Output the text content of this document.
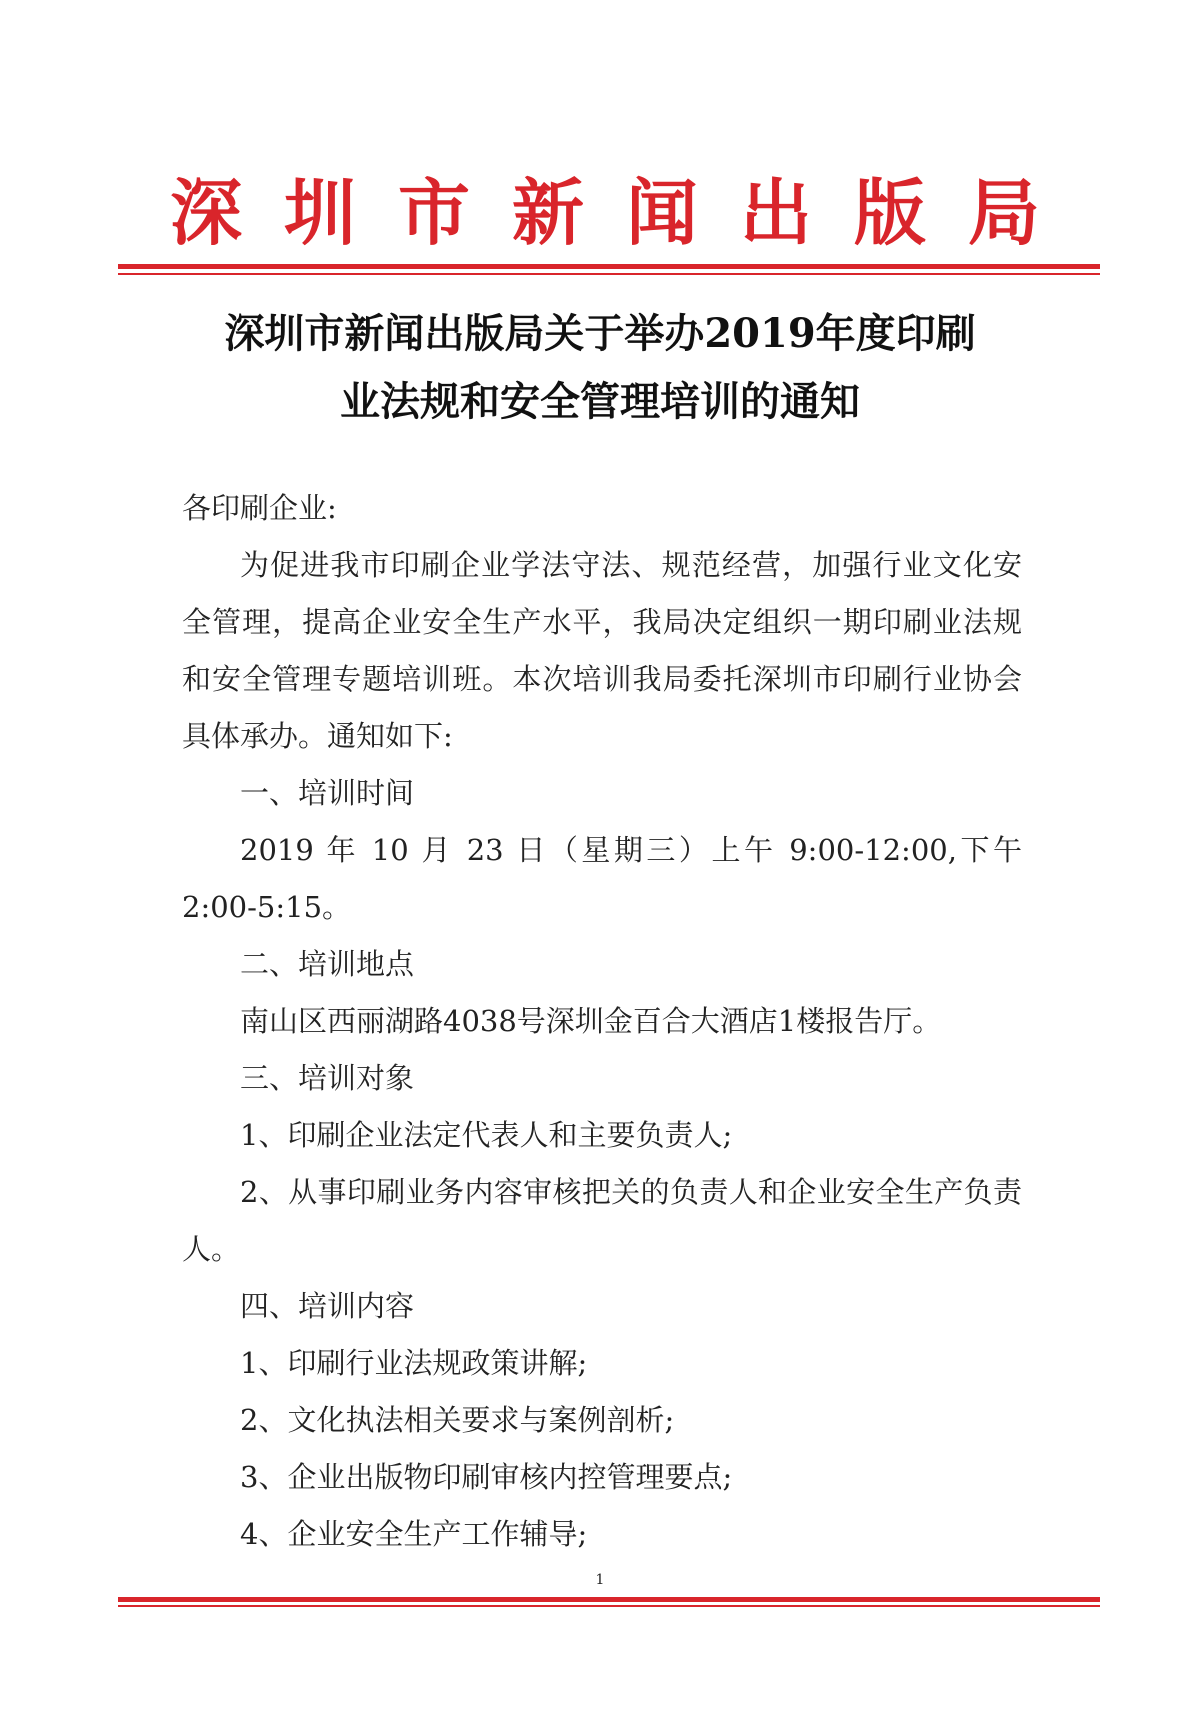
深 圳 市 新 闻 出 版 局
深圳市新闻出版局关于举办2019年度印刷
业法规和安全管理培训的通知

各印刷企业:

为促进我市印刷企业学法守法、规范经营，加强行业文化安全管理，提高企业安全生产水平，我局决定组织一期印刷业法规和安全管理专题培训班。本次培训我局委托深圳市印刷行业协会具体承办。通知如下:

一、培训时间

2019 年 10 月 23 日（星期三）上午 9:00-12:00,下午2:00-5:15。

二、培训地点

南山区西丽湖路4038号深圳金百合大酒店1楼报告厅。

三、培训对象

1、印刷企业法定代表人和主要负责人;

2、从事印刷业务内容审核把关的负责人和企业安全生产负责人。

四、培训内容

1、印刷行业法规政策讲解;

2、文化执法相关要求与案例剖析;

3、企业出版物印刷审核内控管理要点;

4、企业安全生产工作辅导;

1
